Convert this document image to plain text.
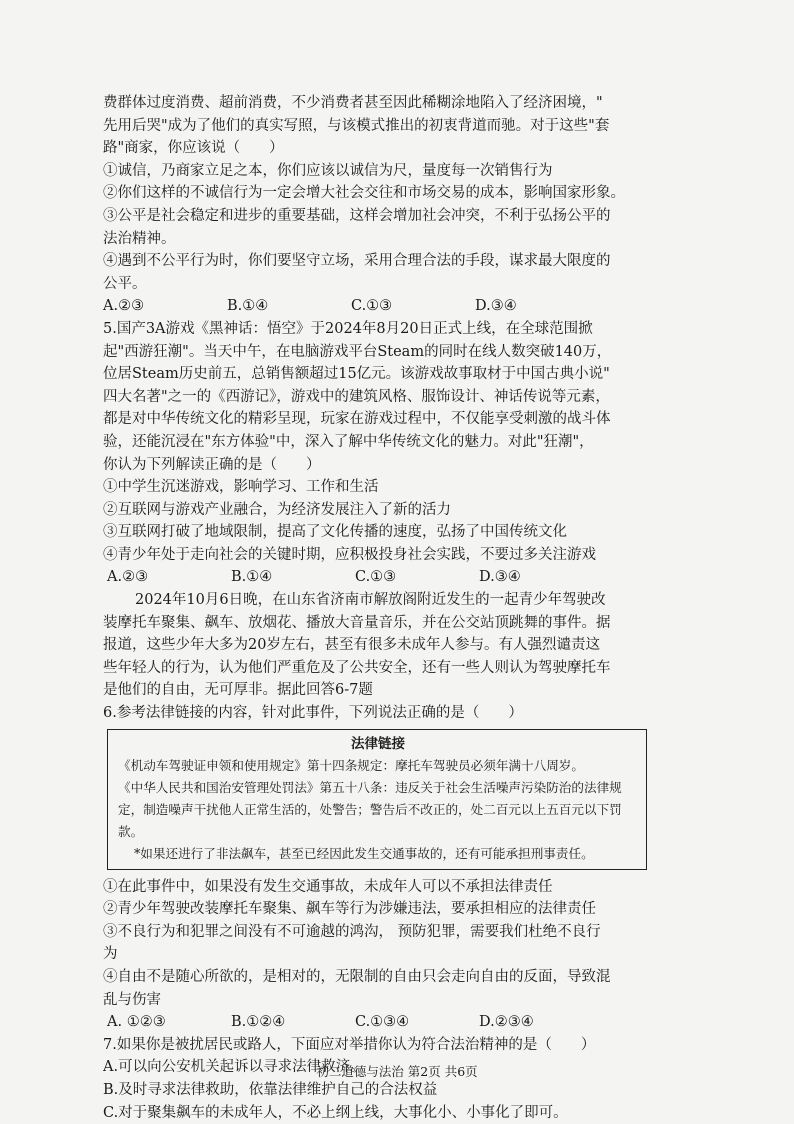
费群体过度消费、超前消费，不少消费者甚至因此稀糊涂地陷入了经济困境，"
先用后哭"成为了他们的真实写照，与该模式推出的初衷背道而驰。对于这些"套
路"商家，你应该说（　　）
①诚信，乃商家立足之本，你们应该以诚信为尺，量度每一次销售行为
②你们这样的不诚信行为一定会增大社会交往和市场交易的成本，影响国家形象。
③公平是社会稳定和进步的重要基础，这样会增加社会冲突，不利于弘扬公平的
法治精神。
④遇到不公平行为时，你们要坚守立场，采用合理合法的手段，谋求最大限度的
公平。
A.②③	B.①④	C.①③	D.③④
5.国产3A游戏《黑神话：悟空》于2024年8月20日正式上线，在全球范围掀
起"西游狂潮"。当天中午，在电脑游戏平台Steam的同时在线人数突破140万，
位居Steam历史前五，总销售额超过15亿元。该游戏故事取材于中国古典小说"
四大名著"之一的《西游记》，游戏中的建筑风格、服饰设计、神话传说等元素，
都是对中华传统文化的精彩呈现，玩家在游戏过程中，不仅能享受刺激的战斗体
验，还能沉浸在"东方体验"中，深入了解中华传统文化的魅力。对此"狂潮"，
你认为下列解读正确的是（　　）
①中学生沉迷游戏，影响学习、工作和生活
②互联网与游戏产业融合，为经济发展注入了新的活力
③互联网打破了地域限制，提高了文化传播的速度，弘扬了中国传统文化
④青少年处于走向社会的关键时期，应积极投身社会实践，不要过多关注游戏
A.②③	B.①④	C.①③	D.③④
2024年10月6日晚，在山东省济南市解放阁附近发生的一起青少年驾驶改
装摩托车聚集、飙车、放烟花、播放大音量音乐，并在公交站顶跳舞的事件。据
报道，这些少年大多为20岁左右，甚至有很多未成年人参与。有人强烈谴责这
些年轻人的行为，认为他们严重危及了公共安全，还有一些人则认为驾驶摩托车
是他们的自由，无可厚非。据此回答6-7题
6.参考法律链接的内容，针对此事件，下列说法正确的是（　　）
法律链接
《机动车驾驶证申领和使用规定》第十四条规定：摩托车驾驶员必须年满十八周岁。
《中华人民共和国治安管理处罚法》第五十八条：违反关于社会生活噪声污染防治的法律规
定，制造噪声干扰他人正常生活的，处警告；警告后不改正的，处二百元以上五百元以下罚
款。
*如果还进行了非法飙车，甚至已经因此发生交通事故的，还有可能承担刑事责任。
①在此事件中，如果没有发生交通事故，未成年人可以不承担法律责任
②青少年驾驶改装摩托车聚集、飙车等行为涉嫌违法，要承担相应的法律责任
③不良行为和犯罪之间没有不可逾越的鸿沟， 预防犯罪，需要我们杜绝不良行
为
④自由不是随心所欲的，是相对的，无限制的自由只会走向自由的反面，导致混
乱与伤害
A. ①②③	B.①②④	C.①③④	D.②③④
7.如果你是被扰居民或路人，下面应对举措你认为符合法治精神的是（　　）
A.可以向公安机关起诉以寻求法律救济。
B.及时寻求法律救助，依靠法律维护自己的合法权益
C.对于聚集飙车的未成年人，不必上纲上线，大事化小、小事化了即可。
初二道德与法治 第2页 共6页
